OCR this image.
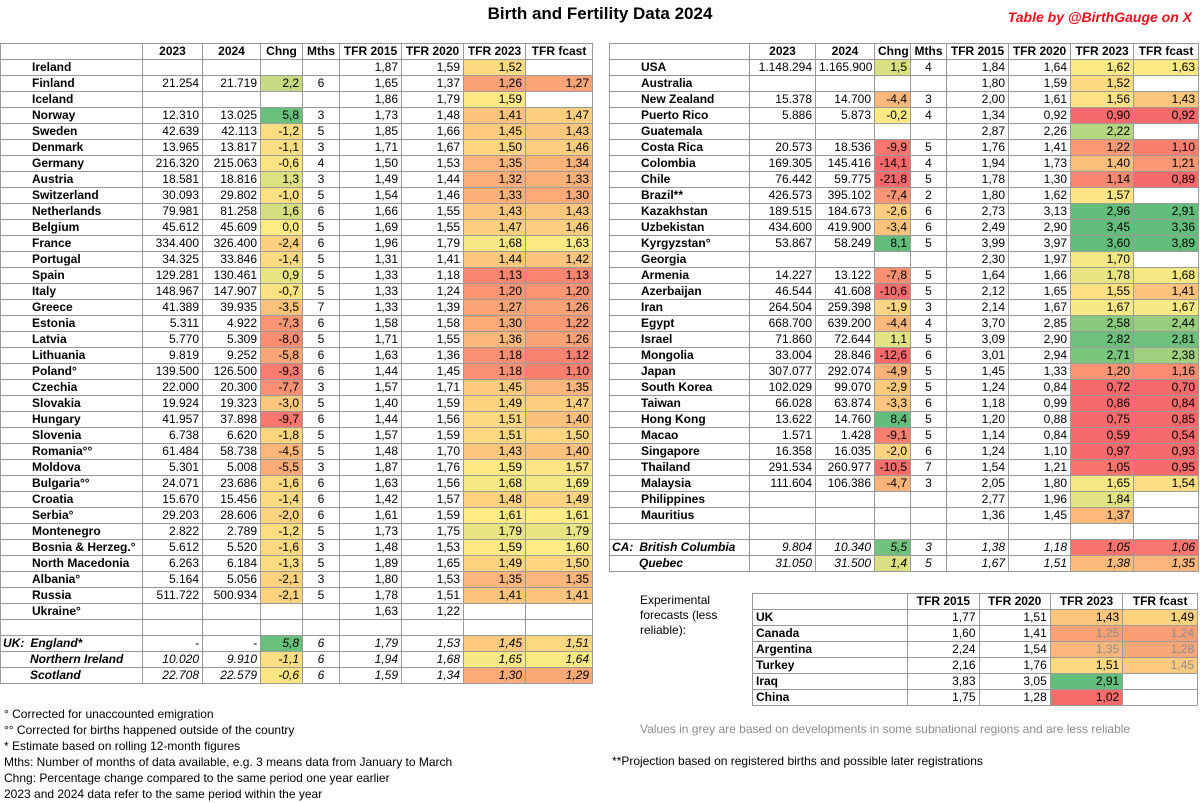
Birth and Fertility Data 2024	Table by @BirthGauge on X
	2023	2024	Chng	Mths	TFR 2015	TFR 2020	TFR 2023	TFR fcast
Ireland					1,87	1,59	1,52	
Finland	21.254	21.719	2,2	6	1,65	1,37	1,26	1,27
Iceland					1,86	1,79	1,59	
Norway	12.310	13.025	5,8	3	1,73	1,48	1,41	1,47
Sweden	42.639	42.113	-1,2	5	1,85	1,66	1,45	1,43
Denmark	13.965	13.817	-1,1	3	1,71	1,67	1,50	1,46
Germany	216.320	215.063	-0,6	4	1,50	1,53	1,35	1,34
Austria	18.581	18.816	1,3	3	1,49	1,44	1,32	1,33
Switzerland	30.093	29.802	-1,0	5	1,54	1,46	1,33	1,30
Netherlands	79.981	81.258	1,6	6	1,66	1,55	1,43	1,43
Belgium	45.612	45.609	0,0	5	1,69	1,55	1,47	1,46
France	334.400	326.400	-2,4	6	1,96	1,79	1,68	1,63
Portugal	34.325	33.846	-1,4	5	1,31	1,41	1,44	1,42
Spain	129.281	130.461	0,9	5	1,33	1,18	1,13	1,13
Italy	148.967	147.907	-0,7	5	1,33	1,24	1,20	1,20
Greece	41.389	39.935	-3,5	7	1,33	1,39	1,27	1,26
Estonia	5.311	4.922	-7,3	6	1,58	1,58	1,30	1,22
Latvia	5.770	5.309	-8,0	5	1,71	1,55	1,36	1,26
Lithuania	9.819	9.252	-5,8	6	1,63	1,36	1,18	1,12
Poland°	139.500	126.500	-9,3	6	1,44	1,45	1,18	1,10
Czechia	22.000	20.300	-7,7	3	1,57	1,71	1,45	1,35
Slovakia	19.924	19.323	-3,0	5	1,40	1,59	1,49	1,47
Hungary	41.957	37.898	-9,7	6	1,44	1,56	1,51	1,40
Slovenia	6.738	6.620	-1,8	5	1,57	1,59	1,51	1,50
Romania°°	61.484	58.738	-4,5	5	1,48	1,70	1,43	1,40
Moldova	5.301	5.008	-5,5	3	1,87	1,76	1,59	1,57
Bulgaria°°	24.071	23.686	-1,6	6	1,63	1,56	1,68	1,69
Croatia	15.670	15.456	-1,4	6	1,42	1,57	1,48	1,49
Serbia°	29.203	28.606	-2,0	6	1,61	1,59	1,61	1,61
Montenegro	2.822	2.789	-1,2	5	1,73	1,75	1,79	1,79
Bosnia & Herzeg.°	5.612	5.520	-1,6	3	1,48	1,53	1,59	1,60
North Macedonia	6.263	6.184	-1,3	5	1,89	1,65	1,49	1,50
Albania°	5.164	5.056	-2,1	3	1,80	1,53	1,35	1,35
Russia	511.722	500.934	-2,1	5	1,78	1,51	1,41	1,41
Ukraine°					1,63	1,22		

UK: England*	-	-	5,8	6	1,79	1,53	1,45	1,51
Northern Ireland	10.020	9.910	-1,1	6	1,94	1,68	1,65	1,64
Scotland	22.708	22.579	-0,6	6	1,59	1,34	1,30	1,29
	2023	2024	Chng	Mths	TFR 2015	TFR 2020	TFR 2023	TFR fcast
USA	1.148.294	1.165.900	1,5	4	1,84	1,64	1,62	1,63
Australia					1,80	1,59	1,52	
New Zealand	15.378	14.700	-4,4	3	2,00	1,61	1,56	1,43
Puerto Rico	5.886	5.873	-0,2	4	1,34	0,92	0,90	0,92
Guatemala					2,87	2,26	2,22	
Costa Rica	20.573	18.536	-9,9	5	1,76	1,41	1,22	1,10
Colombia	169.305	145.416	-14,1	4	1,94	1,73	1,40	1,21
Chile	76.442	59.775	-21,8	5	1,78	1,30	1,14	0,89
Brazil**	426.573	395.102	-7,4	2	1,80	1,62	1,57	
Kazakhstan	189.515	184.673	-2,6	6	2,73	3,13	2,96	2,91
Uzbekistan	434.600	419.900	-3,4	6	2,49	2,90	3,45	3,36
Kyrgyzstan°	53.867	58.249	8,1	5	3,99	3,97	3,60	3,89
Georgia					2,30	1,97	1,70	
Armenia	14.227	13.122	-7,8	5	1,64	1,66	1,78	1,68
Azerbaijan	46.544	41.608	-10,6	5	2,12	1,65	1,55	1,41
Iran	264.504	259.398	-1,9	3	2,14	1,67	1,67	1,67
Egypt	668.700	639.200	-4,4	4	3,70	2,85	2,58	2,44
Israel	71.860	72.644	1,1	5	3,09	2,90	2,82	2,81
Mongolia	33.004	28.846	-12,6	6	3,01	2,94	2,71	2,38
Japan	307.077	292.074	-4,9	5	1,45	1,33	1,20	1,16
South Korea	102.029	99.070	-2,9	5	1,24	0,84	0,72	0,70
Taiwan	66.028	63.874	-3,3	6	1,18	0,99	0,86	0,84
Hong Kong	13.622	14.760	8,4	5	1,20	0,88	0,75	0,85
Macao	1.571	1.428	-9,1	5	1,14	0,84	0,59	0,54
Singapore	16.358	16.035	-2,0	6	1,24	1,10	0,97	0,93
Thailand	291.534	260.977	-10,5	7	1,54	1,21	1,05	0,95
Malaysia	111.604	106.386	-4,7	3	2,05	1,80	1,65	1,54
Philippines					2,77	1,96	1,84	
Mauritius					1,36	1,45	1,37	

CA: British Columbia	9.804	10.340	5,5	3	1,38	1,18	1,05	1,06
Quebec	31.050	31.500	1,4	5	1,67	1,51	1,38	1,35
Experimental forecasts (less reliable):
	TFR 2015	TFR 2020	TFR 2023	TFR fcast
UK	1,77	1,51	1,43	1,49
Canada	1,60	1,41	1,25	1,24
Argentina	2,24	1,54	1,35	1,28
Turkey	2,16	1,76	1,51	1,45
Iraq	3,83	3,05	2,91	
China	1,75	1,28	1,02	
° Corrected for unaccounted emigration
°° Corrected for births happened outside of the country
* Estimate based on rolling 12-month figures
Mths: Number of months of data available, e.g. 3 means data from January to March
Chng: Percentage change compared to the same period one year earlier
2023 and 2024 data refer to the same period within the year
Values in grey are based on developments in some subnational regions and are less reliable
**Projection based on registered births and possible later registrations
